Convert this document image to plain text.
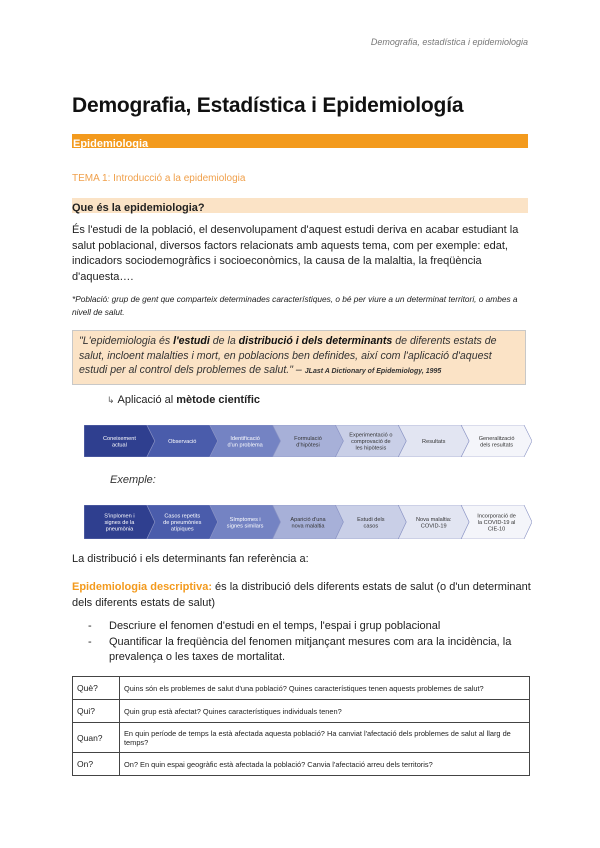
Demografia, estadística i epidemiologia
Demografia, Estadística i Epidemiología
Epidemiologia
TEMA 1: Introducció a la epidemiologia
Que és la epidemiologia?
És l'estudi de la població, el desenvolupament d'aquest estudi deriva en acabar estudiant la salut poblacional, diversos factors relacionats amb aquests tema, com per exemple: edat, indicadors sociodemogràfics i socioeconòmics, la causa de la malaltia, la freqüència d'aquesta….
*Població: grup de gent que comparteix determinades característiques, o bé per viure a un determinat territori, o ambes a nivell de salut.
"L'epidemiologia és l'estudi de la distribució i dels determinants de diferents estats de salut, incloent malalties i mort, en poblacions ben definides, així com l'aplicació d'aquest estudi per al control dels problemes de salut." – JLast A Dictionary of Epidemiology, 1995
↳ Aplicació al mètode científic
Coneixement actual
Observació
Identificació d'un problema
Formulació d'hipòtesi
Experimentació o comprovació de les hipòtesis
Resultats
Generalització dels resultats
Exemple:
S'inplomen i signes de la pneumònia
Casos repetits de pneumònies atípiques
Símptomes i signes similars
Aparició d'una nova malaltia
Estudi dels casos
Nova malaltia: COVID-19
Incorporació de la COVID-19 al CIE-10
La distribució i els determinants fan referència a:
Epidemiologia descriptiva: és la distribució dels diferents estats de salut (o d'un determinant dels diferents estats de salut)
- Descriure el fenomen d'estudi en el temps, l'espai i grup poblacional
- Quantificar la freqüència del fenomen mitjançant mesures com ara la incidència, la prevalença o les taxes de mortalitat.
Què?	Quins són els problemes de salut d'una població? Quines característiques tenen aquests problemes de salut?
Qui?	Quin grup està afectat? Quines característiques individuals tenen?
Quan?	En quin període de temps la està afectada aquesta població? Ha canviat l'afectació dels problemes de salut al llarg de temps?
On?	On? En quin espai geogràfic està afectada la població? Canvia l'afectació arreu dels territoris?
